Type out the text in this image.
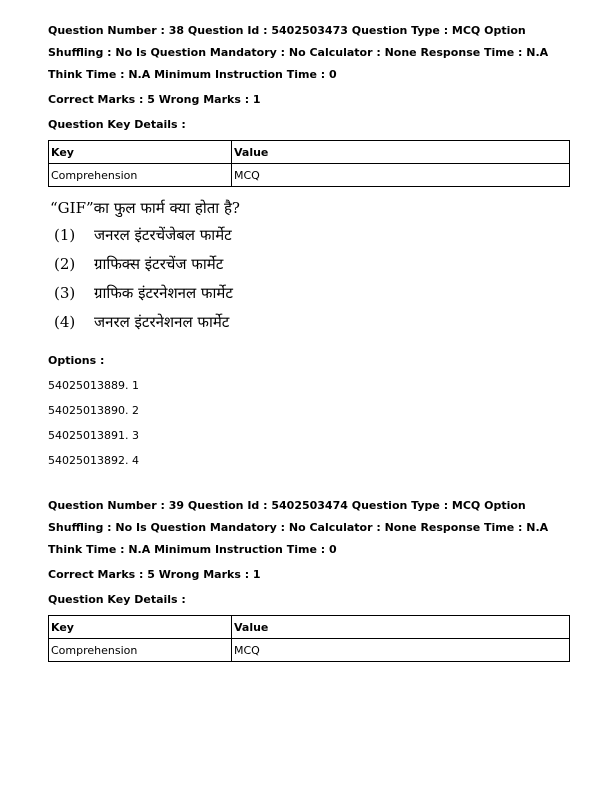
Question Number : 38 Question Id : 5402503473 Question Type : MCQ Option Shuffling : No Is Question Mandatory : No Calculator : None Response Time : N.A Think Time : N.A Minimum Instruction Time : 0

Correct Marks : 5 Wrong Marks : 1
Question Key Details :
Key	Value
Comprehension	MCQ
“GIF”का फुल फार्म क्या होता है?
(1) जनरल इंटरचेंजेबल फार्मेट
(2) ग्राफिक्स इंटरचेंज फार्मेट
(3) ग्राफिक इंटरनेशनल फार्मेट
(4) जनरल इंटरनेशनल फार्मेट
Options :
54025013889. 1
54025013890. 2
54025013891. 3
54025013892. 4

Question Number : 39 Question Id : 5402503474 Question Type : MCQ Option Shuffling : No Is Question Mandatory : No Calculator : None Response Time : N.A Think Time : N.A Minimum Instruction Time : 0

Correct Marks : 5 Wrong Marks : 1
Question Key Details :
Key	Value
Comprehension	MCQ
